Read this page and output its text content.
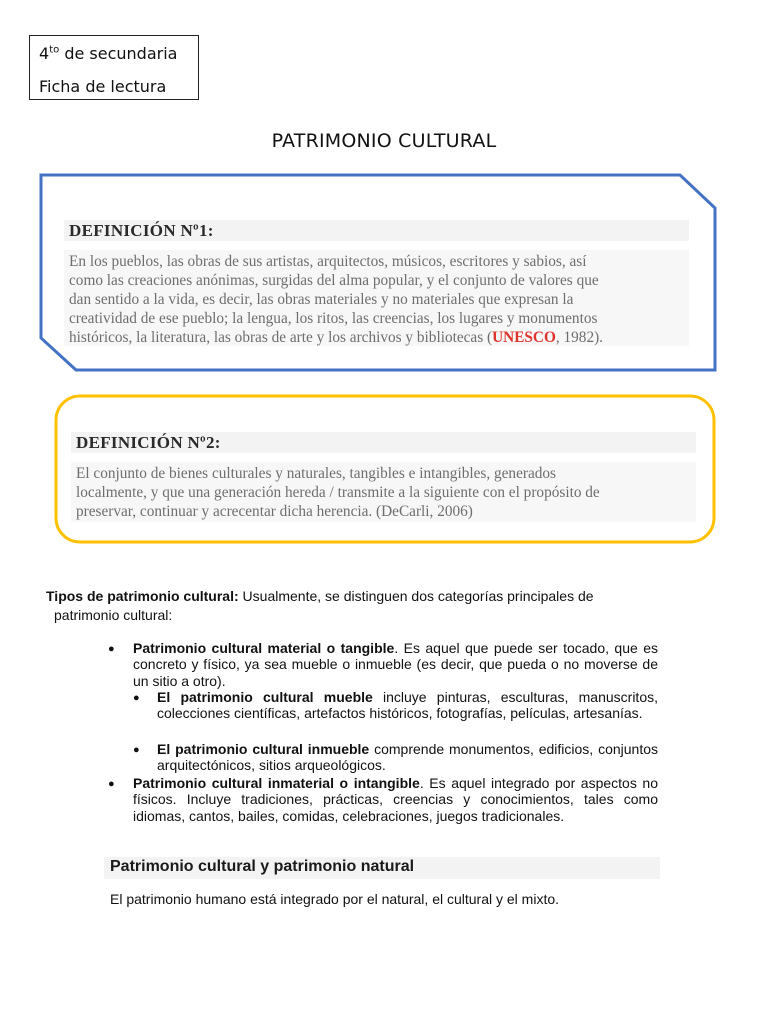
$4^{to}$ de secundaria
Ficha de lectura
PATRIMONIO CULTURAL
DEFINICIÓN Nº1:
En los pueblos, las obras de sus artistas, arquitectos, músicos, escritores y sabios, así
como las creaciones anónimas, surgidas del alma popular, y el conjunto de valores que
dan sentido a la vida, es decir, las obras materiales y no materiales que expresan la
creatividad de ese pueblo; la lengua, los ritos, las creencias, los lugares y monumentos
históricos, la literatura, las obras de arte y los archivos y bibliotecas (UNESCO, 1982).
DEFINICIÓN Nº2:
El conjunto de bienes culturales y naturales, tangibles e intangibles, generados
localmente, y que una generación hereda / transmite a la siguiente con el propósito de
preservar, continuar y acrecentar dicha herencia. (DeCarli, 2006)
Tipos de patrimonio cultural: Usualmente, se distinguen dos categorías principales de
patrimonio cultural:
● Patrimonio cultural material o tangible. Es aquel que puede ser tocado, que es concreto y físico, ya sea mueble o inmueble (es decir, que pueda o no moverse de un sitio a otro).
● El patrimonio cultural mueble incluye pinturas, esculturas, manuscritos, colecciones científicas, artefactos históricos, fotografías, películas, artesanías.
● El patrimonio cultural inmueble comprende monumentos, edificios, conjuntos arquitectónicos, sitios arqueológicos.
● Patrimonio cultural inmaterial o intangible. Es aquel integrado por aspectos no físicos. Incluye tradiciones, prácticas, creencias y conocimientos, tales como idiomas, cantos, bailes, comidas, celebraciones, juegos tradicionales.
Patrimonio cultural y patrimonio natural
El patrimonio humano está integrado por el natural, el cultural y el mixto.
